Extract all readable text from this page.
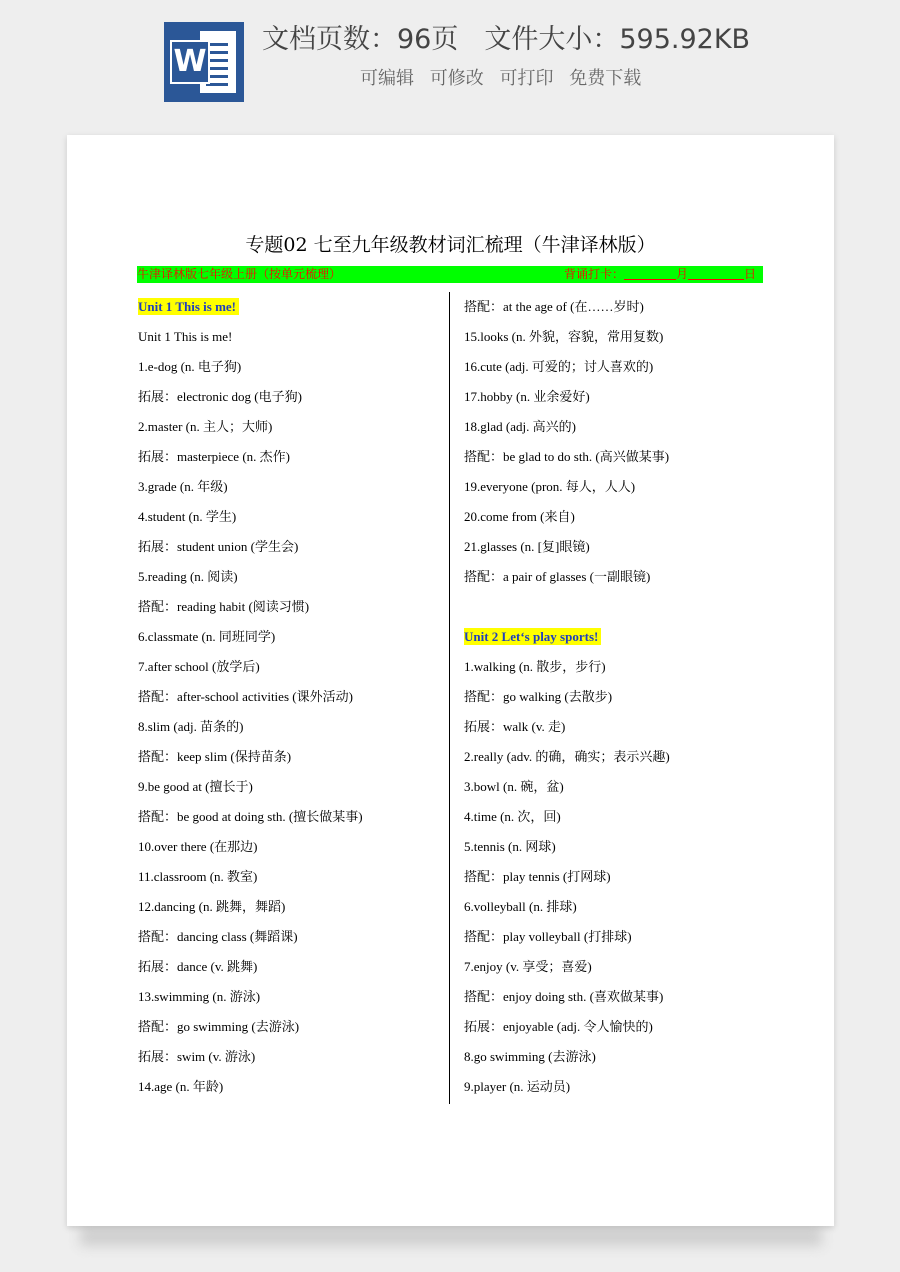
W
文档页数：96页 文件大小：595.92KB
可编辑 可修改 可打印 免费下载
专题02 七至九年级教材词汇梳理（牛津译林版）
牛津译林版七年级上册（按单元梳理）	背诵打卡：	月	日
Unit 1 This is me!
Unit 1 This is me!
1.e-dog (n. 电子狗)
拓展：electronic dog (电子狗)
2.master (n. 主人；大师)
拓展：masterpiece (n. 杰作)
3.grade (n. 年级)
4.student (n. 学生)
拓展：student union (学生会)
5.reading (n. 阅读)
搭配：reading habit (阅读习惯)
6.classmate (n. 同班同学)
7.after school (放学后)
搭配：after-school activities (课外活动)
8.slim (adj. 苗条的)
搭配：keep slim (保持苗条)
9.be good at (擅长于)
搭配：be good at doing sth. (擅长做某事)
10.over there (在那边)
11.classroom (n. 教室)
12.dancing (n. 跳舞，舞蹈)
搭配：dancing class (舞蹈课)
拓展：dance (v. 跳舞)
13.swimming (n. 游泳)
搭配：go swimming (去游泳)
拓展：swim (v. 游泳)
14.age (n. 年龄)
搭配：at the age of (在……岁时)
15.looks (n. 外貌，容貌，常用复数)
16.cute (adj. 可爱的；讨人喜欢的)
17.hobby (n. 业余爱好)
18.glad (adj. 高兴的)
搭配：be glad to do sth. (高兴做某事)
19.everyone (pron. 每人，人人)
20.come from (来自)
21.glasses (n. [复]眼镜)
搭配：a pair of glasses (一副眼镜)
Unit 2 Let‘s play sports!
1.walking (n. 散步，步行)
搭配：go walking (去散步)
拓展：walk (v. 走)
2.really (adv. 的确，确实；表示兴趣)
3.bowl (n. 碗，盆)
4.time (n. 次，回)
5.tennis (n. 网球)
搭配：play tennis (打网球)
6.volleyball (n. 排球)
搭配：play volleyball (打排球)
7.enjoy (v. 享受；喜爱)
搭配：enjoy doing sth. (喜欢做某事)
拓展：enjoyable (adj. 令人愉快的)
8.go swimming (去游泳)
9.player (n. 运动员)
